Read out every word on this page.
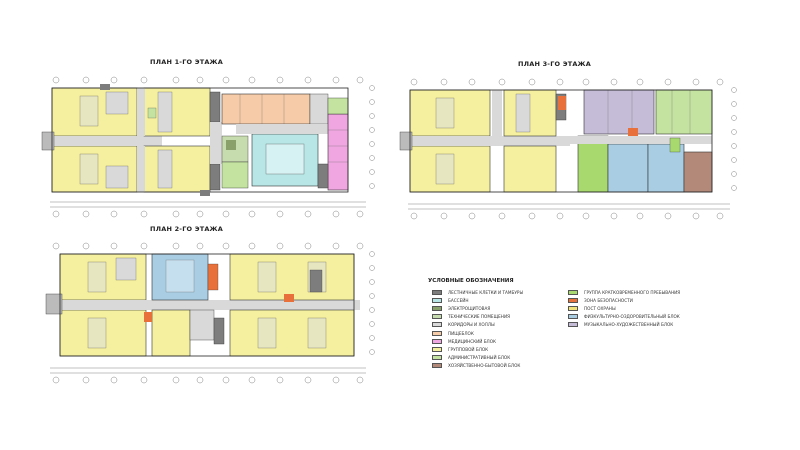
ПЛАН 1-ГО ЭТАЖА	ПЛАН 3-ГО ЭТАЖА
ПЛАН 2-ГО ЭТАЖА
УСЛОВНЫЕ ОБОЗНАЧЕНИЯ
ЛЕСТНИЧНЫЕ КЛЕТКИ И ТАМБУРЫ
БАССЕЙН
ЭЛЕКТРОЩИТОВАЯ
ТЕХНИЧЕСКИЕ ПОМЕЩЕНИЯ
КОРИДОРЫ И ХОЛЛЫ
ПИЩЕБЛОК
МЕДИЦИНСКИЙ БЛОК
ГРУППОВОЙ БЛОК
АДМИНИСТРАТИВНЫЙ БЛОК
ХОЗЯЙСТВЕННО-БЫТОВОЙ БЛОК
ГРУППА КРАТКОВРЕМЕННОГО ПРЕБЫВАНИЯ
ЗОНА БЕЗОПАСНОСТИ
ПОСТ ОХРАНЫ
ФИЗКУЛЬТУРНО-ОЗДОРОВИТЕЛЬНЫЙ БЛОК
МУЗЫКАЛЬНО-ХУДОЖЕСТВЕННЫЙ БЛОК
